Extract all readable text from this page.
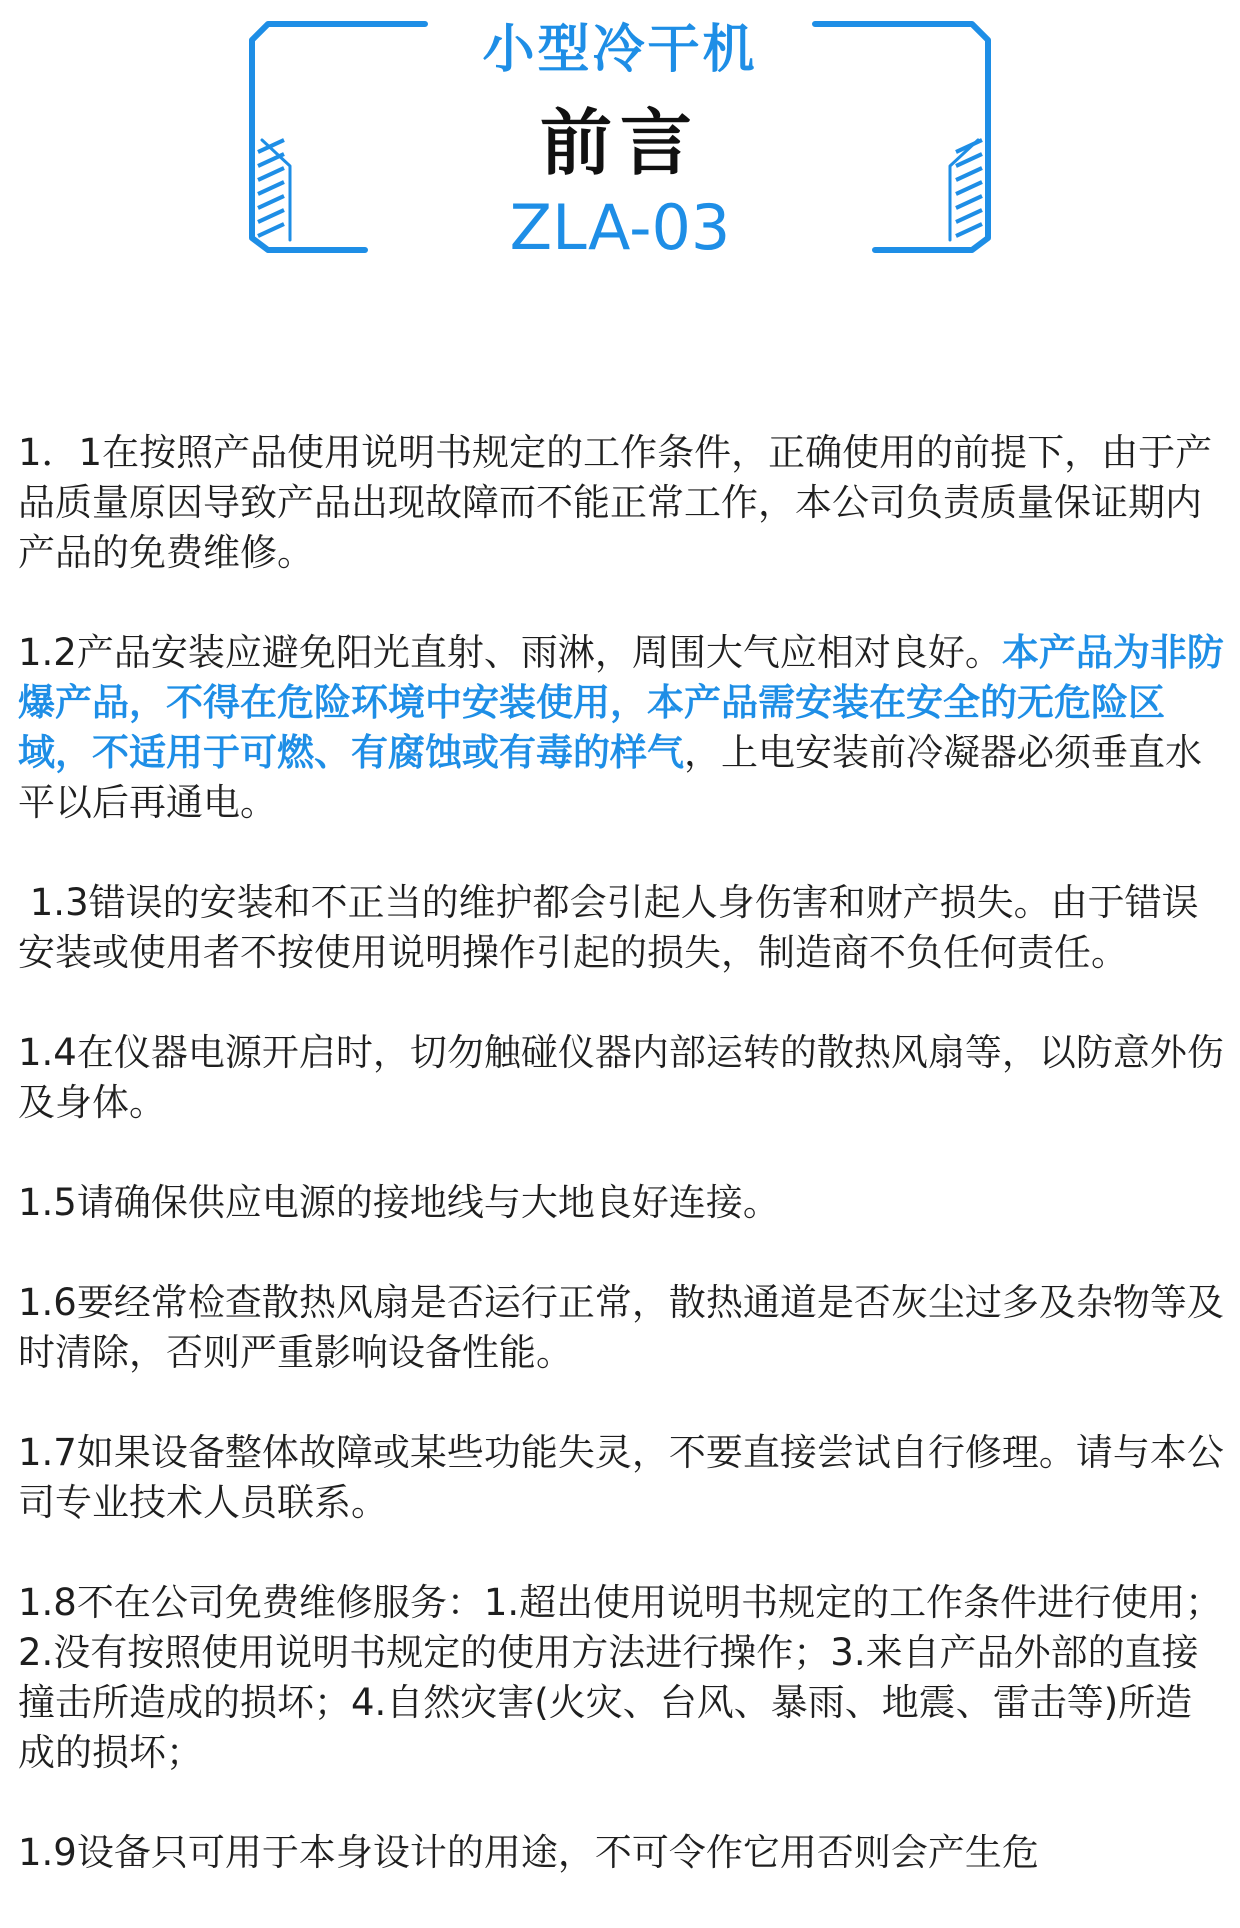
小型冷干机
前言
ZLA-03

1．1在按照产品使用说明书规定的工作条件，正确使用的前提下，由于产品质量原因导致产品出现故障而不能正常工作，本公司负责质量保证期内产品的免费维修。

1.2产品安装应避免阳光直射、雨淋，周围大气应相对良好。本产品为非防爆产品，不得在危险环境中安装使用，本产品需安装在安全的无危险区域，不适用于可燃、有腐蚀或有毒的样气，上电安装前冷凝器必须垂直水平以后再通电。

1.3错误的安装和不正当的维护都会引起人身伤害和财产损失。由于错误安装或使用者不按使用说明操作引起的损失，制造商不负任何责任。

1.4在仪器电源开启时，切勿触碰仪器内部运转的散热风扇等，以防意外伤及身体。

1.5请确保供应电源的接地线与大地良好连接。

1.6要经常检查散热风扇是否运行正常，散热通道是否灰尘过多及杂物等及时清除，否则严重影响设备性能。

1.7如果设备整体故障或某些功能失灵，不要直接尝试自行修理。请与本公司专业技术人员联系。

1.8不在公司免费维修服务：1.超出使用说明书规定的工作条件进行使用；2.没有按照使用说明书规定的使用方法进行操作；3.来自产品外部的直接撞击所造成的损坏；4.自然灾害(火灾、台风、暴雨、地震、雷击等)所造成的损坏；

1.9设备只可用于本身设计的用途，不可令作它用否则会产生危
